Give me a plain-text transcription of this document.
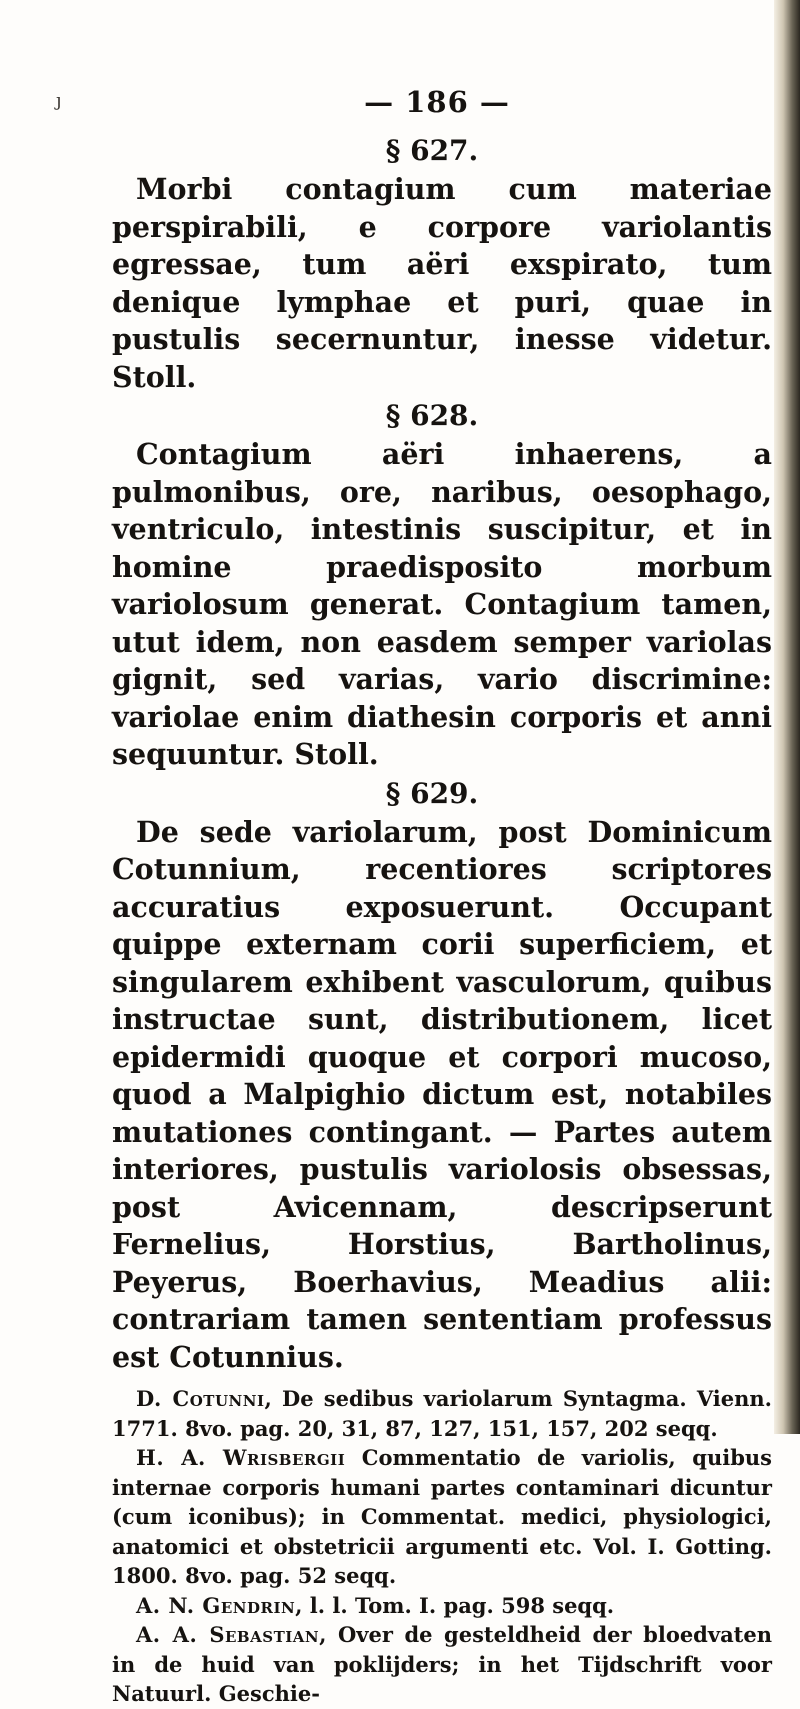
ȷ	— 186 —
§ 627.

Morbi contagium cum materiae perspirabili, e corpore variolantis egressae, tum aëri exspirato, tum denique lymphae et puri, quae in pustulis secernuntur, inesse videtur. Stoll.

§ 628.

Contagium aëri inhaerens, a pulmonibus, ore, naribus, oesophago, ventriculo, intestinis suscipitur, et in homine praedisposito morbum variolosum generat. Contagium tamen, utut idem, non easdem semper variolas gignit, sed varias, vario discrimine: variolae enim diathesin corporis et anni sequuntur. Stoll.

§ 629.

De sede variolarum, post Dominicum Cotunnium, recentiores scriptores accuratius exposuerunt. Occupant quippe externam corii superficiem, et singularem exhibent vasculorum, quibus instructae sunt, distributionem, licet epidermidi quoque et corpori mucoso, quod a Malpighio dictum est, notabiles mutationes contingant. — Partes autem interiores, pustulis variolosis obsessas, post Avicennam, descripserunt Fernelius, Horstius, Bartholinus, Peyerus, Boerhavius, Meadius alii: contrariam tamen sententiam professus est Cotunnius.

D. Cotunni, De sedibus variolarum Syntagma. Vienn. 1771. 8vo. pag. 20, 31, 87, 127, 151, 157, 202 seqq.

H. A. Wrisbergii Commentatio de variolis, quibus internae corporis humani partes contaminari dicuntur (cum iconibus); in Commentat. medici, physiologici, anatomici et obstetricii argumenti etc. Vol. I. Gotting. 1800. 8vo. pag. 52 seqq.

A. N. Gendrin, l. l. Tom. I. pag. 598 seqq.

A. A. Sebastian, Over de gesteldheid der bloedvaten in de huid van poklijders; in het Tijdschrift voor Natuurl. Geschie-
